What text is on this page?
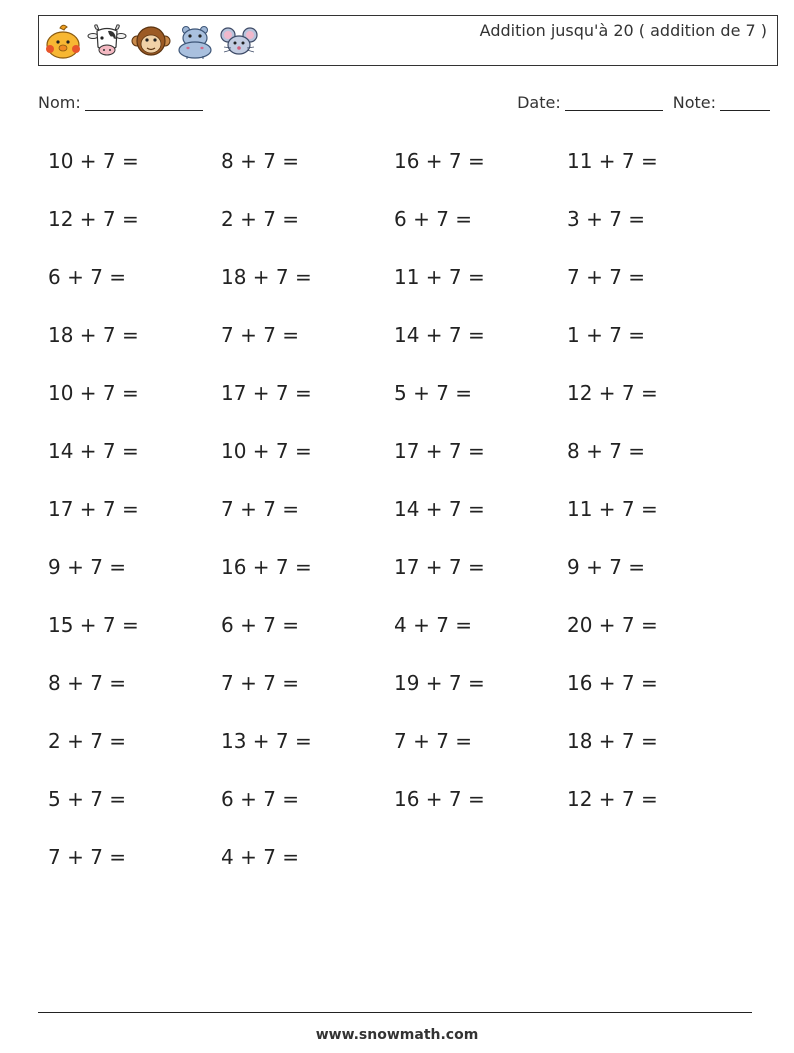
Addition jusqu'à 20 ( addition de 7 )
Nom:	Date:	Note:
10 + 7 =	8 + 7 =	16 + 7 =	11 + 7 =
12 + 7 =	2 + 7 =	6 + 7 =	3 + 7 =
6 + 7 =	18 + 7 =	11 + 7 =	7 + 7 =
18 + 7 =	7 + 7 =	14 + 7 =	1 + 7 =
10 + 7 =	17 + 7 =	5 + 7 =	12 + 7 =
14 + 7 =	10 + 7 =	17 + 7 =	8 + 7 =
17 + 7 =	7 + 7 =	14 + 7 =	11 + 7 =
9 + 7 =	16 + 7 =	17 + 7 =	9 + 7 =
15 + 7 =	6 + 7 =	4 + 7 =	20 + 7 =
8 + 7 =	7 + 7 =	19 + 7 =	16 + 7 =
2 + 7 =	13 + 7 =	7 + 7 =	18 + 7 =
5 + 7 =	6 + 7 =	16 + 7 =	12 + 7 =
7 + 7 =	4 + 7 =
www.snowmath.com
